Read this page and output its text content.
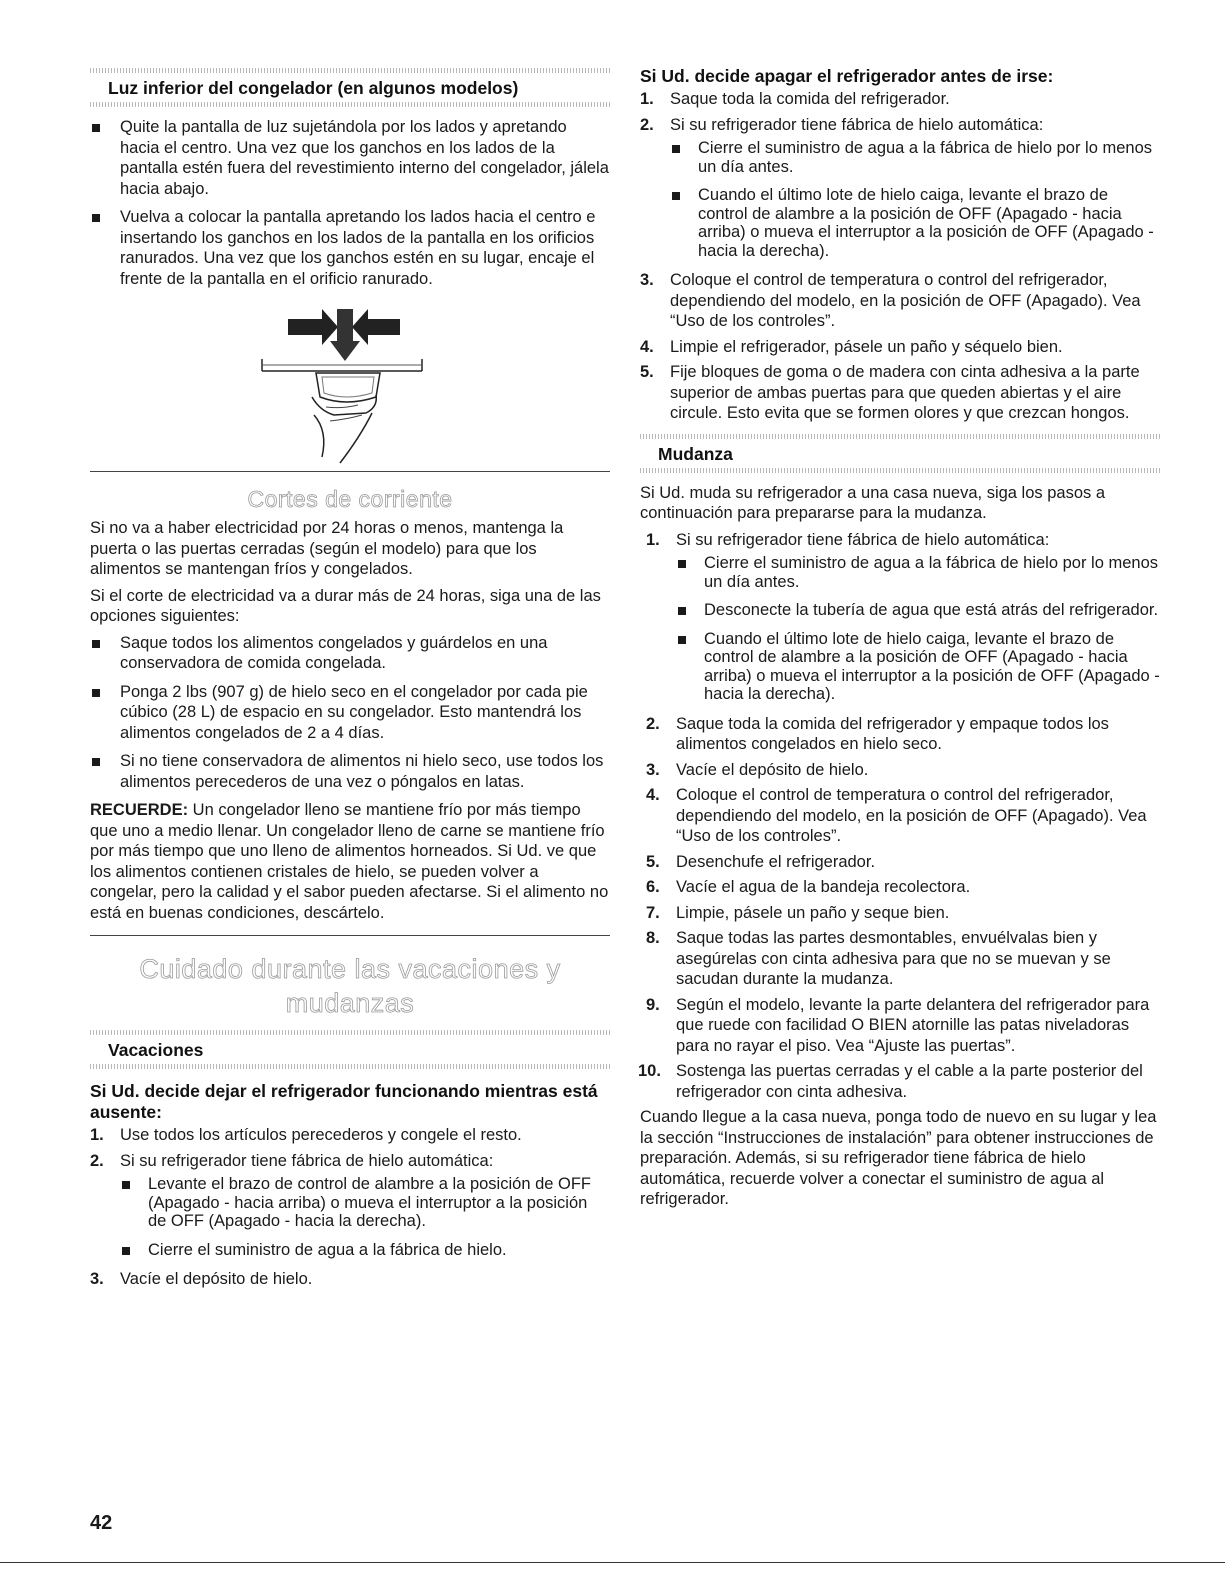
Luz inferior del congelador (en algunos modelos)
Quite la pantalla de luz sujetándola por los lados y apretando hacia el centro. Una vez que los ganchos en los lados de la pantalla estén fuera del revestimiento interno del congelador, jálela hacia abajo.
Vuelva a colocar la pantalla apretando los lados hacia el centro e insertando los ganchos en los lados de la pantalla en los orificios ranurados. Una vez que los ganchos estén en su lugar, encaje el frente de la pantalla en el orificio ranurado.
Cortes de corriente

Si no va a haber electricidad por 24 horas o menos, mantenga la puerta o las puertas cerradas (según el modelo) para que los alimentos se mantengan fríos y congelados.

Si el corte de electricidad va a durar más de 24 horas, siga una de las opciones siguientes:

Saque todos los alimentos congelados y guárdelos en una conservadora de comida congelada.
Ponga 2 lbs (907 g) de hielo seco en el congelador por cada pie cúbico (28 L) de espacio en su congelador. Esto mantendrá los alimentos congelados de 2 a 4 días.
Si no tiene conservadora de alimentos ni hielo seco, use todos los alimentos perecederos de una vez o póngalos en latas.

RECUERDE: Un congelador lleno se mantiene frío por más tiempo que uno a medio llenar. Un congelador lleno de carne se mantiene frío por más tiempo que uno lleno de alimentos horneados. Si Ud. ve que los alimentos contienen cristales de hielo, se pueden volver a congelar, pero la calidad y el sabor pueden afectarse. Si el alimento no está en buenas condiciones, descártelo.

Cuidado durante las vacaciones y
mudanzas
Vacaciones
Si Ud. decide dejar el refrigerador funcionando mientras está ausente:
1. Use todos los artículos perecederos y congele el resto.
2. Si su refrigerador tiene fábrica de hielo automática:
Levante el brazo de control de alambre a la posición de OFF (Apagado - hacia arriba) o mueva el interruptor a la posición de OFF (Apagado - hacia la derecha).
Cierre el suministro de agua a la fábrica de hielo.
3. Vacíe el depósito de hielo.
Si Ud. decide apagar el refrigerador antes de irse:
1. Saque toda la comida del refrigerador.
2. Si su refrigerador tiene fábrica de hielo automática:
Cierre el suministro de agua a la fábrica de hielo por lo menos un día antes.
Cuando el último lote de hielo caiga, levante el brazo de control de alambre a la posición de OFF (Apagado - hacia arriba) o mueva el interruptor a la posición de OFF (Apagado - hacia la derecha).
3. Coloque el control de temperatura o control del refrigerador, dependiendo del modelo, en la posición de OFF (Apagado). Vea “Uso de los controles”.
4. Limpie el refrigerador, pásele un paño y séquelo bien.
5. Fije bloques de goma o de madera con cinta adhesiva a la parte superior de ambas puertas para que queden abiertas y el aire circule. Esto evita que se formen olores y que crezcan hongos.
Mudanza

Si Ud. muda su refrigerador a una casa nueva, siga los pasos a continuación para prepararse para la mudanza.

1. Si su refrigerador tiene fábrica de hielo automática:
Cierre el suministro de agua a la fábrica de hielo por lo menos un día antes.
Desconecte la tubería de agua que está atrás del refrigerador.
Cuando el último lote de hielo caiga, levante el brazo de control de alambre a la posición de OFF (Apagado - hacia arriba) o mueva el interruptor a la posición de OFF (Apagado - hacia la derecha).
2. Saque toda la comida del refrigerador y empaque todos los alimentos congelados en hielo seco.
3. Vacíe el depósito de hielo.
4. Coloque el control de temperatura o control del refrigerador, dependiendo del modelo, en la posición de OFF (Apagado). Vea “Uso de los controles”.
5. Desenchufe el refrigerador.
6. Vacíe el agua de la bandeja recolectora.
7. Limpie, pásele un paño y seque bien.
8. Saque todas las partes desmontables, envuélvalas bien y asegúrelas con cinta adhesiva para que no se muevan y se sacudan durante la mudanza.
9. Según el modelo, levante la parte delantera del refrigerador para que ruede con facilidad O BIEN atornille las patas niveladoras para no rayar el piso. Vea “Ajuste las puertas”.
10. Sostenga las puertas cerradas y el cable a la parte posterior del refrigerador con cinta adhesiva.

Cuando llegue a la casa nueva, ponga todo de nuevo en su lugar y lea la sección “Instrucciones de instalación” para obtener instrucciones de preparación. Además, si su refrigerador tiene fábrica de hielo automática, recuerde volver a conectar el suministro de agua al refrigerador.

42
